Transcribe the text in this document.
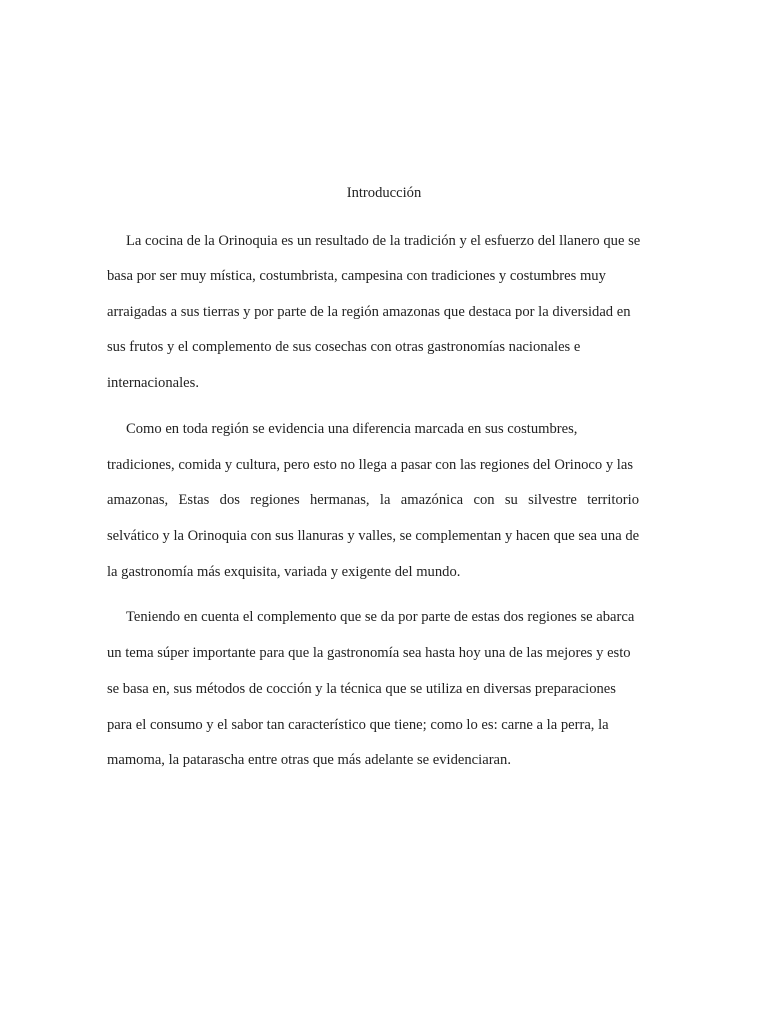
Introducción
La cocina de la Orinoquia es un resultado de la tradición y el esfuerzo del llanero que se
basa por ser muy mística, costumbrista, campesina con tradiciones y costumbres muy
arraigadas a sus tierras y por parte de la región amazonas que destaca por la diversidad en
sus frutos y el complemento de sus cosechas con otras gastronomías nacionales e
internacionales.
Como en toda región se evidencia una diferencia marcada en sus costumbres,
tradiciones, comida y cultura, pero esto no llega a pasar con las regiones del Orinoco y las
amazonas, Estas dos regiones hermanas, la amazónica con su silvestre territorio
selvático y la Orinoquia con sus llanuras y valles, se complementan y hacen que sea una de
la gastronomía más exquisita, variada y exigente del mundo.
Teniendo en cuenta el complemento que se da por parte de estas dos regiones se abarca
un tema súper importante para que la gastronomía sea hasta hoy una de las mejores y esto
se basa en, sus métodos de cocción y la técnica que se utiliza en diversas preparaciones
para el consumo y el sabor tan característico que tiene; como lo es: carne a la perra, la
mamoma, la patarascha entre otras que más adelante se evidenciaran.
